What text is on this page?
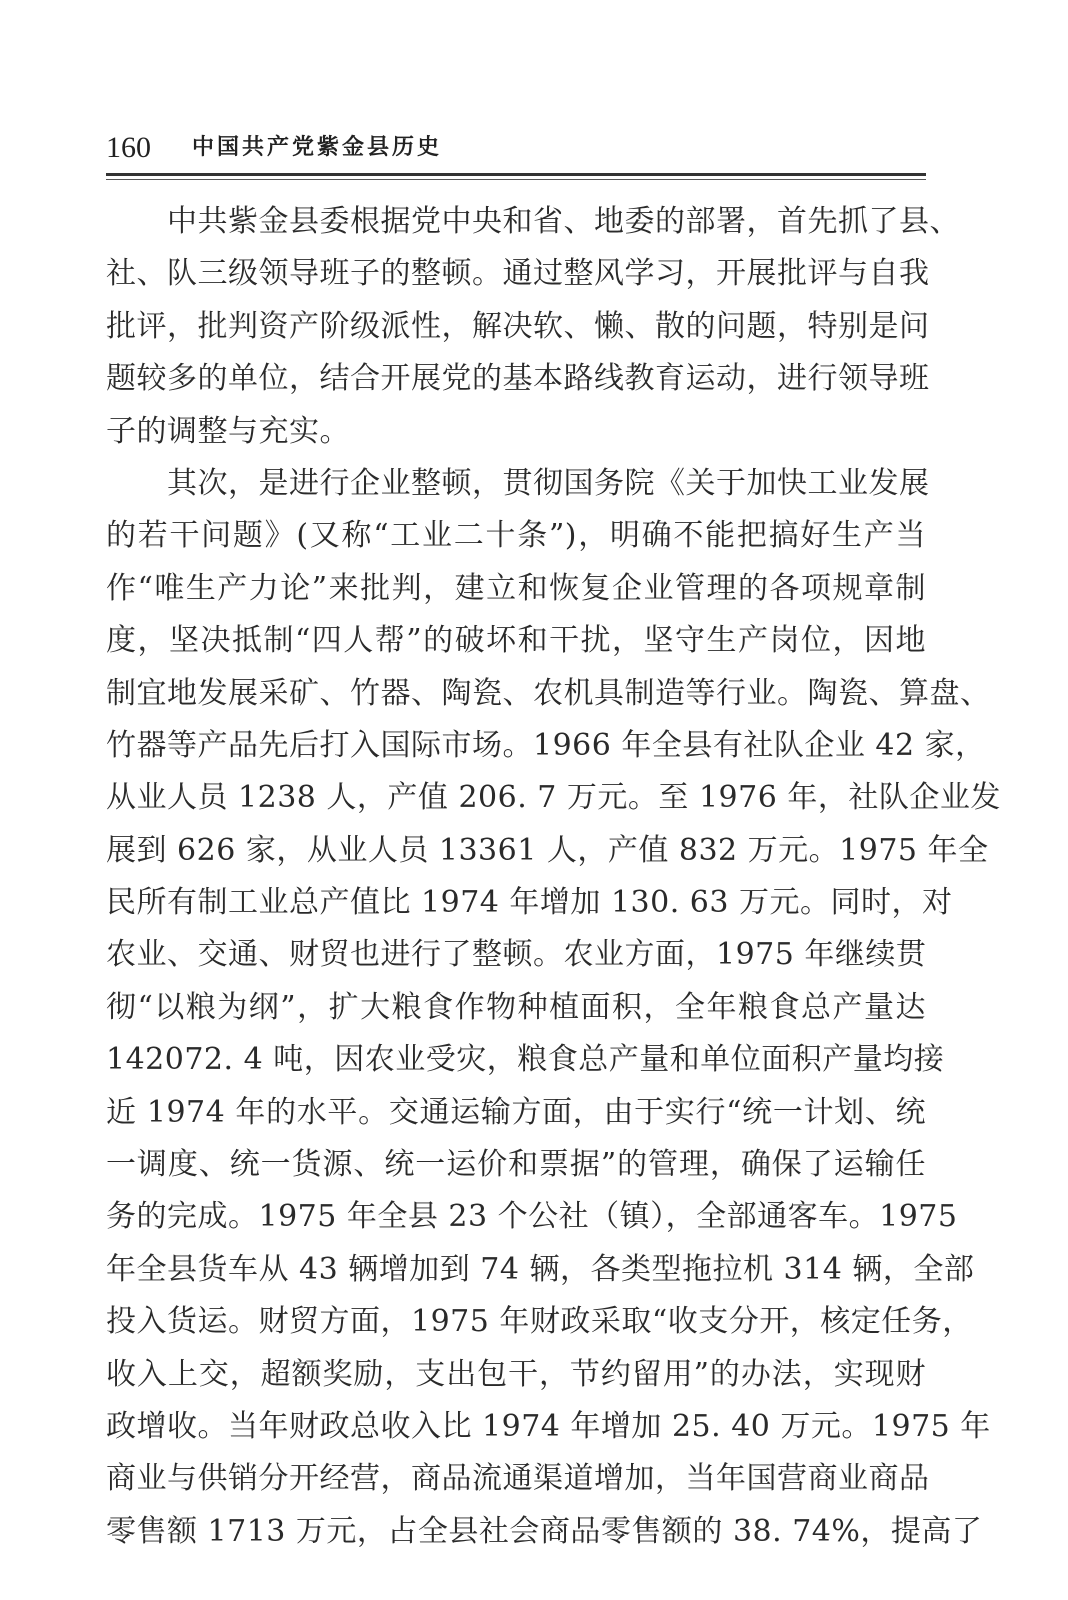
160 中国共产党紫金县历史
　　中共紫金县委根据党中央和省、地委的部署，首先抓了县、
社、队三级领导班子的整顿。通过整风学习，开展批评与自我
批评，批判资产阶级派性，解决软、懒、散的问题，特别是问
题较多的单位，结合开展党的基本路线教育运动，进行领导班
子的调整与充实。
　　其次，是进行企业整顿，贯彻国务院《关于加快工业发展
的若干问题》(又称“工业二十条”)，明确不能把搞好生产当
作“唯生产力论”来批判，建立和恢复企业管理的各项规章制
度，坚决抵制“四人帮”的破坏和干扰，坚守生产岗位，因地
制宜地发展采矿、竹器、陶瓷、农机具制造等行业。陶瓷、算盘、
竹器等产品先后打入国际市场。1966 年全县有社队企业 42 家，
从业人员 1238 人，产值 206. 7 万元。至 1976 年，社队企业发
展到 626 家，从业人员 13361 人，产值 832 万元。1975 年全
民所有制工业总产值比 1974 年增加 130. 63 万元。同时，对
农业、交通、财贸也进行了整顿。农业方面，1975 年继续贯
彻“以粮为纲”，扩大粮食作物种植面积，全年粮食总产量达
142072. 4 吨，因农业受灾，粮食总产量和单位面积产量均接
近 1974 年的水平。交通运输方面，由于实行“统一计划、统
一调度、统一货源、统一运价和票据”的管理，确保了运输任
务的完成。1975 年全县 23 个公社（镇），全部通客车。1975
年全县货车从 43 辆增加到 74 辆，各类型拖拉机 314 辆，全部
投入货运。财贸方面，1975 年财政采取“收支分开，核定任务，
收入上交，超额奖励，支出包干，节约留用”的办法，实现财
政增收。当年财政总收入比 1974 年增加 25. 40 万元。1975 年
商业与供销分开经营，商品流通渠道增加，当年国营商业商品
零售额 1713 万元，占全县社会商品零售额的 38. 74%，提高了
